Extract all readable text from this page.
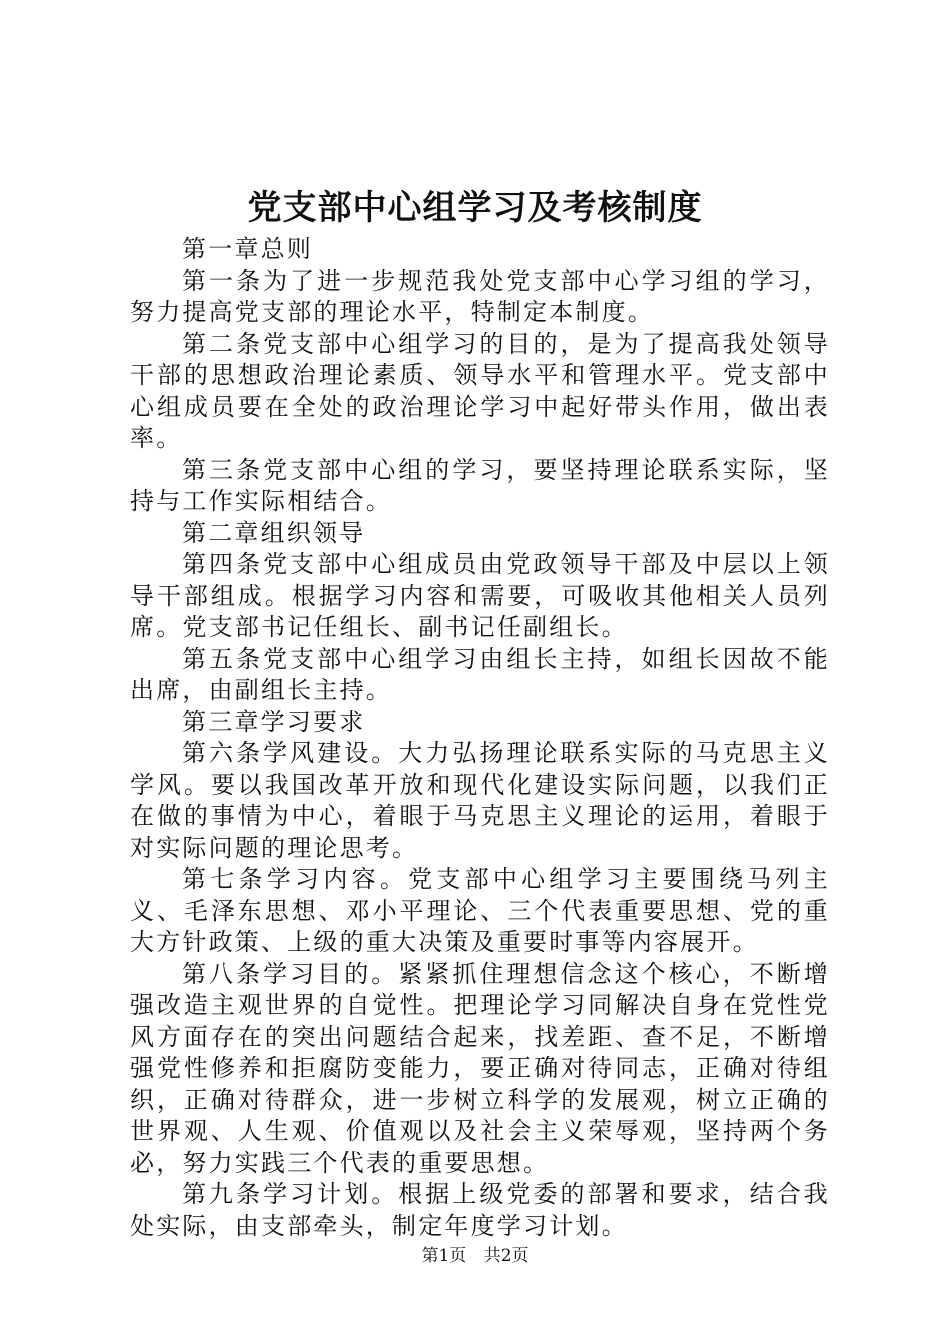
党支部中心组学习及考核制度

第一章总则

第一条为了进一步规范我处党支部中心学习组的学习，努力提高党支部的理论水平，特制定本制度。

第二条党支部中心组学习的目的，是为了提高我处领导干部的思想政治理论素质、领导水平和管理水平。党支部中心组成员要在全处的政治理论学习中起好带头作用，做出表率。

第三条党支部中心组的学习，要坚持理论联系实际，坚持与工作实际相结合。

第二章组织领导

第四条党支部中心组成员由党政领导干部及中层以上领导干部组成。根据学习内容和需要，可吸收其他相关人员列席。党支部书记任组长、副书记任副组长。

第五条党支部中心组学习由组长主持，如组长因故不能出席，由副组长主持。

第三章学习要求

第六条学风建设。大力弘扬理论联系实际的马克思主义学风。要以我国改革开放和现代化建设实际问题，以我们正在做的事情为中心，着眼于马克思主义理论的运用，着眼于对实际问题的理论思考。

第七条学习内容。党支部中心组学习主要围绕马列主义、毛泽东思想、邓小平理论、三个代表重要思想、党的重大方针政策、上级的重大决策及重要时事等内容展开。

第八条学习目的。紧紧抓住理想信念这个核心，不断增强改造主观世界的自觉性。把理论学习同解决自身在党性党风方面存在的突出问题结合起来，找差距、查不足，不断增强党性修养和拒腐防变能力，要正确对待同志，正确对待组织，正确对待群众，进一步树立科学的发展观，树立正确的世界观、人生观、价值观以及社会主义荣辱观，坚持两个务必，努力实践三个代表的重要思想。

第九条学习计划。根据上级党委的部署和要求，结合我处实际，由支部牵头，制定年度学习计划。

第1页 共2页
